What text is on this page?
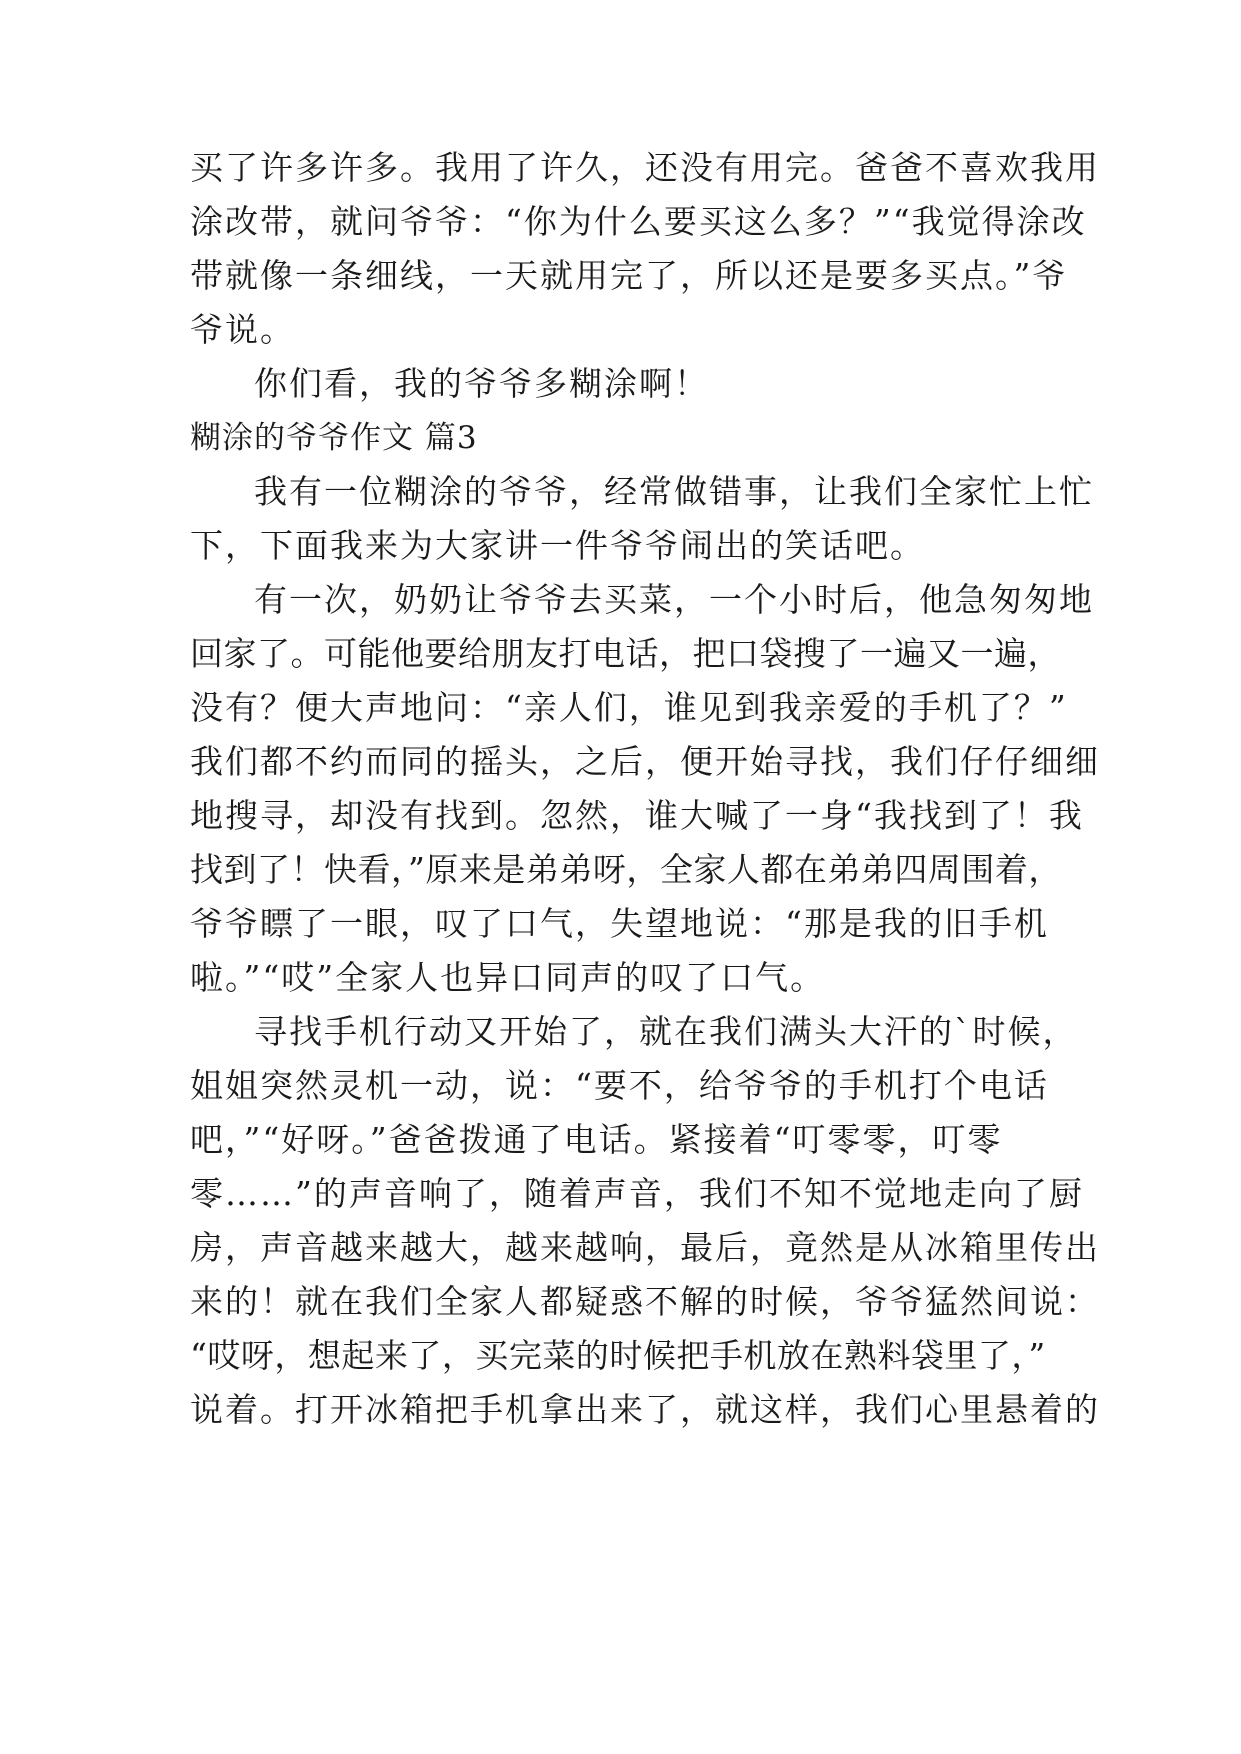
买了许多许多。我用了许久，还没有用完。爸爸不喜欢我用

涂改带，就问爷爷：“你为什么要买这么多？”“我觉得涂改

带就像一条细线，一天就用完了，所以还是要多买点。”爷

爷说。

你们看，我的爷爷多糊涂啊！

糊涂的爷爷作文 篇3

我有一位糊涂的爷爷，经常做错事，让我们全家忙上忙

下，下面我来为大家讲一件爷爷闹出的笑话吧。

有一次，奶奶让爷爷去买菜，一个小时后，他急匆匆地

回家了。可能他要给朋友打电话，把口袋搜了一遍又一遍，

没有？便大声地问：“亲人们，谁见到我亲爱的手机了？”

我们都不约而同的摇头，之后，便开始寻找，我们仔仔细细

地搜寻，却没有找到。忽然，谁大喊了一身“我找到了！我

找到了！快看，”原来是弟弟呀，全家人都在弟弟四周围着，

爷爷瞟了一眼，叹了口气，失望地说：“那是我的旧手机

啦。”“哎”全家人也异口同声的叹了口气。

寻找手机行动又开始了，就在我们满头大汗的`时候，

姐姐突然灵机一动，说：“要不，给爷爷的手机打个电话

吧，”“好呀。”爸爸拨通了电话。紧接着“叮零零，叮零

零……”的声音响了，随着声音，我们不知不觉地走向了厨

房，声音越来越大，越来越响，最后，竟然是从冰箱里传出

来的！就在我们全家人都疑惑不解的时候，爷爷猛然间说：

“哎呀，想起来了，买完菜的时候把手机放在熟料袋里了，”

说着。打开冰箱把手机拿出来了，就这样，我们心里悬着的
